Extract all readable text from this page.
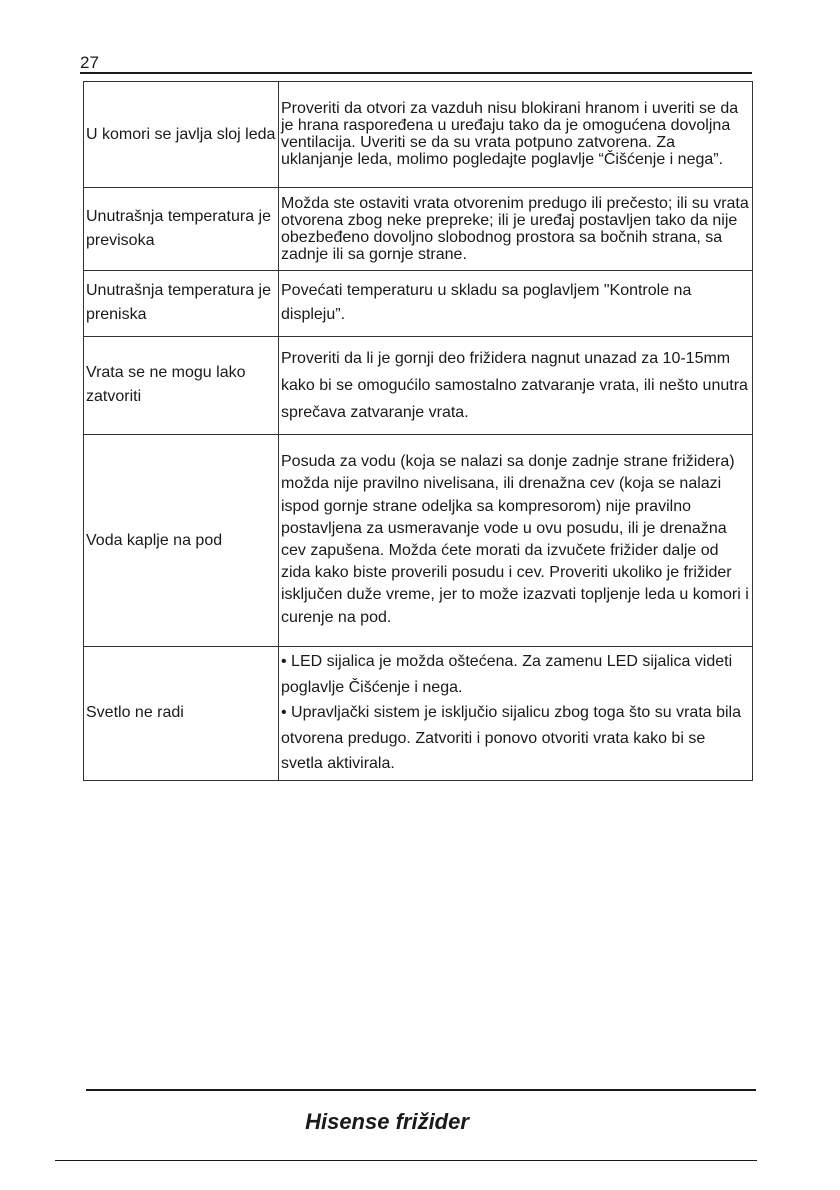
27
U komori se javlja sloj leda	Proveriti da otvori za vazduh nisu blokirani hranom i uveriti se da je hrana raspoređena u uređaju tako da je omogućena dovoljna ventilacija. Uveriti se da su vrata potpuno zatvorena. Za uklanjanje leda, molimo pogledajte poglavlje “Čišćenje i nega”.
Unutrašnja temperatura je previsoka	Možda ste ostaviti vrata otvorenim predugo ili prečesto; ili su vrata otvorena zbog neke prepreke; ili je uređaj postavljen tako da nije obezbeđeno dovoljno slobodnog prostora sa bočnih strana, sa zadnje ili sa gornje strane.
Unutrašnja temperatura je preniska	Povećati temperaturu u skladu sa poglavljem "Kontrole na displeju”.
Vrata se ne mogu lako zatvoriti	Proveriti da li je gornji deo frižidera nagnut unazad za 10-15mm kako bi se omogućilo samostalno zatvaranje vrata, ili nešto unutra sprečava zatvaranje vrata.
Voda kaplje na pod	Posuda za vodu (koja se nalazi sa donje zadnje strane frižidera) možda nije pravilno nivelisana, ili drenažna cev (koja se nalazi ispod gornje strane odeljka sa kompresorom) nije pravilno postavljena za usmeravanje vode u ovu posudu, ili je drenažna cev zapušena. Možda ćete morati da izvučete frižider dalje od zida kako biste proverili posudu i cev. Proveriti ukoliko je frižider isključen duže vreme, jer to može izazvati topljenje leda u komori i curenje na pod.
Svetlo ne radi	• LED sijalica je možda oštećena. Za zamenu LED sijalica videti poglavlje Čišćenje i nega.
• Upravljački sistem je isključio sijalicu zbog toga što su vrata bila otvorena predugo. Zatvoriti i ponovo otvoriti vrata kako bi se svetla aktivirala.
Hisense frižider
